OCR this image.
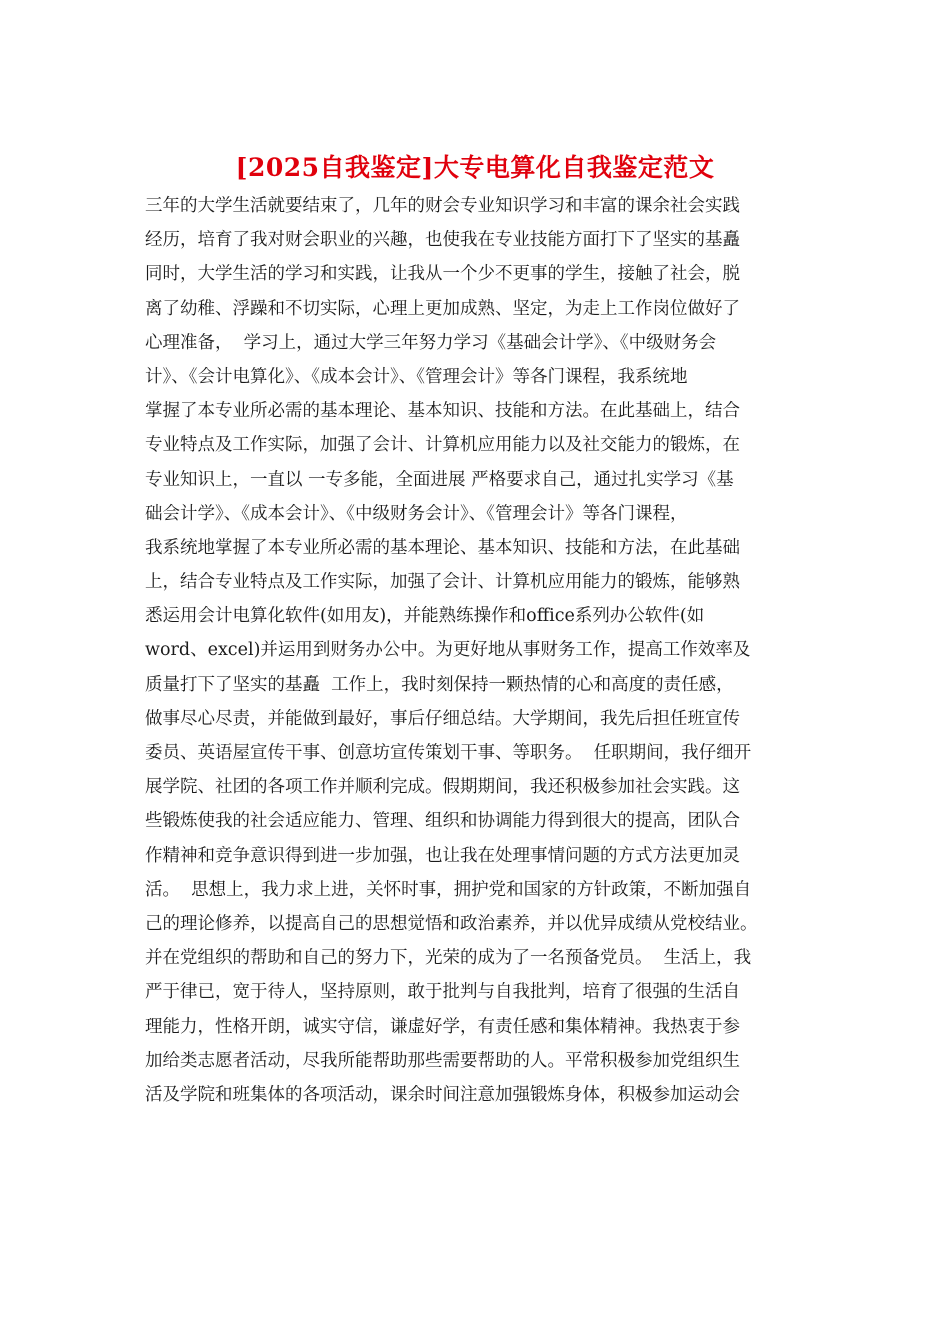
[2025自我鉴定]大专电算化自我鉴定范文
三年的大学生活就要结束了，几年的财会专业知识学习和丰富的课余社会实践
经历，培育了我对财会职业的兴趣，也使我在专业技能方面打下了坚实的基矗
同时，大学生活的学习和实践，让我从一个少不更事的学生，接触了社会，脱
离了幼稚、浮躁和不切实际，心理上更加成熟、坚定，为走上工作岗位做好了
心理准备，  学习上，通过大学三年努力学习《基础会计学》、《中级财务会
计》、《会计电算化》、《成本会计》、《管理会计》等各门课程，我系统地
掌握了本专业所必需的基本理论、基本知识、技能和方法。在此基础上，结合
专业特点及工作实际，加强了会计、计算机应用能力以及社交能力的锻炼，在
专业知识上，一直以 一专多能，全面进展 严格要求自己，通过扎实学习《基
础会计学》、《成本会计》、《中级财务会计》、《管理会计》等各门课程，
我系统地掌握了本专业所必需的基本理论、基本知识、技能和方法，在此基础
上，结合专业特点及工作实际，加强了会计、计算机应用能力的锻炼，能够熟
悉运用会计电算化软件(如用友)，并能熟练操作和office系列办公软件(如
word、excel)并运用到财务办公中。为更好地从事财务工作，提高工作效率及
质量打下了坚实的基矗  工作上，我时刻保持一颗热情的心和高度的责任感，
做事尽心尽责，并能做到最好，事后仔细总结。大学期间，我先后担任班宣传
委员、英语屋宣传干事、创意坊宣传策划干事、等职务。  任职期间，我仔细开
展学院、社团的各项工作并顺利完成。假期期间，我还积极参加社会实践。这
些锻炼使我的社会适应能力、管理、组织和协调能力得到很大的提高，团队合
作精神和竞争意识得到进一步加强，也让我在处理事情问题的方式方法更加灵
活。  思想上，我力求上进，关怀时事，拥护党和国家的方针政策，不断加强自
己的理论修养，以提高自己的思想觉悟和政治素养，并以优异成绩从党校结业。
并在党组织的帮助和自己的努力下，光荣的成为了一名预备党员。  生活上，我
严于律已，宽于待人，坚持原则，敢于批判与自我批判，培育了很强的生活自
理能力，性格开朗，诚实守信，谦虚好学，有责任感和集体精神。我热衷于参
加给类志愿者活动，尽我所能帮助那些需要帮助的人。平常积极参加党组织生
活及学院和班集体的各项活动，课余时间注意加强锻炼身体，积极参加运动会
